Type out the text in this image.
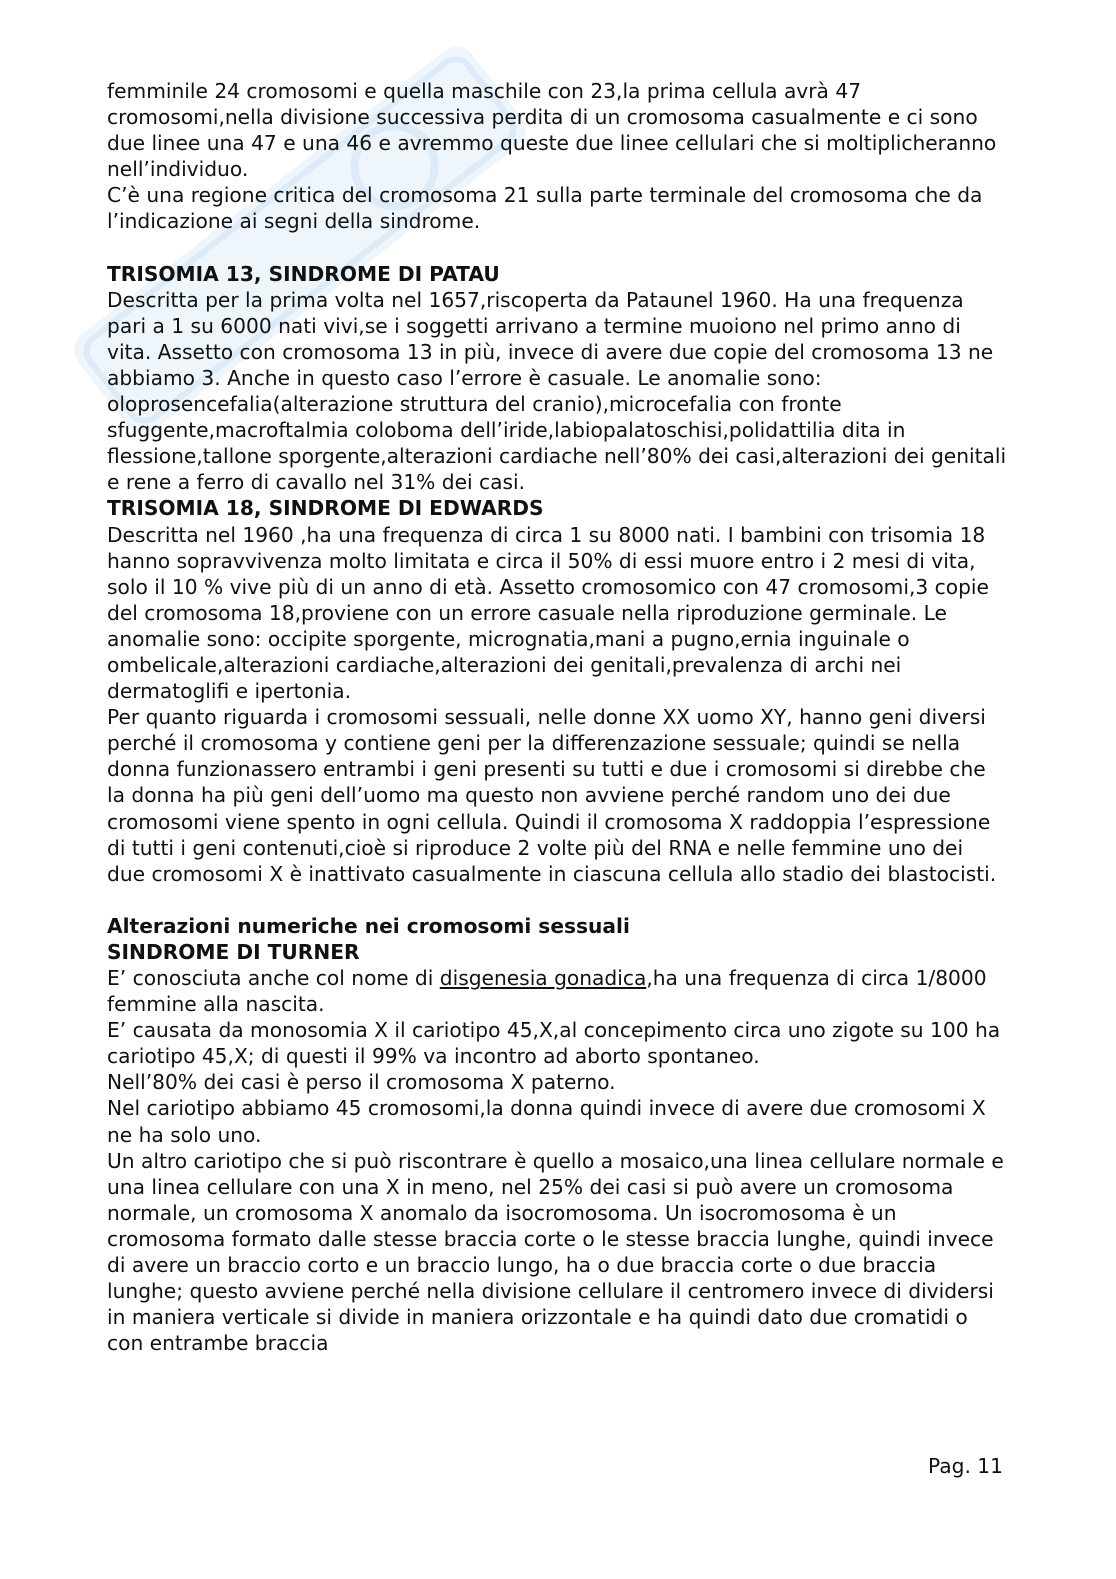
femminile 24 cromosomi e quella maschile con 23,la prima cellula avrà 47 cromosomi,nella divisione successiva perdita di un cromosoma casualmente e ci sono due linee una 47 e una 46 e avremmo queste due linee cellulari che si moltiplicheranno nell’individuo.

C’è una regione critica del cromosoma 21 sulla parte terminale del cromosoma che da l’indicazione ai segni della sindrome.

TRISOMIA 13, SINDROME DI PATAU

Descritta per la prima volta nel 1657,riscoperta da Pataunel 1960. Ha una frequenza pari a 1 su 6000 nati vivi,se i soggetti arrivano a termine muoiono nel primo anno di vita. Assetto con cromosoma 13 in più, invece di avere due copie del cromosoma 13 ne abbiamo 3. Anche in questo caso l’errore è casuale. Le anomalie sono: oloprosencefalia(alterazione struttura del cranio),microcefalia con fronte sfuggente,macroftalmia coloboma dell’iride,labiopalatoschisi,polidattilia dita in flessione,tallone sporgente,alterazioni cardiache nell’80% dei casi,alterazioni dei genitali e rene a ferro di cavallo nel 31% dei casi.

TRISOMIA 18, SINDROME DI EDWARDS

Descritta nel 1960 ,ha una frequenza di circa 1 su 8000 nati. I bambini con trisomia 18 hanno sopravvivenza molto limitata e circa il 50% di essi muore entro i 2 mesi di vita, solo il 10 % vive più di un anno di età. Assetto cromosomico con 47 cromosomi,3 copie del cromosoma 18,proviene con un errore casuale nella riproduzione germinale. Le anomalie sono: occipite sporgente, micrognatia,mani a pugno,ernia inguinale o ombelicale,alterazioni cardiache,alterazioni dei genitali,prevalenza di archi nei dermatoglifi e ipertonia.

Per quanto riguarda i cromosomi sessuali, nelle donne XX uomo XY, hanno geni diversi perché il cromosoma y contiene geni per la differenzazione sessuale; quindi se nella donna funzionassero entrambi i geni presenti su tutti e due i cromosomi si direbbe che la donna ha più geni dell’uomo ma questo non avviene perché random uno dei due cromosomi viene spento in ogni cellula. Quindi il cromosoma X raddoppia l’espressione di tutti i geni contenuti,cioè si riproduce 2 volte più del RNA e nelle femmine uno dei due cromosomi X è inattivato casualmente in ciascuna cellula allo stadio dei blastocisti.

Alterazioni numeriche nei cromosomi sessuali
SINDROME DI TURNER

E’ conosciuta anche col nome di disgenesia gonadica,ha una frequenza di circa 1/8000 femmine alla nascita.

E’ causata da monosomia X il cariotipo 45,X,al concepimento circa uno zigote su 100 ha cariotipo 45,X; di questi il 99% va incontro ad aborto spontaneo.

Nell’80% dei casi è perso il cromosoma X paterno.

Nel cariotipo abbiamo 45 cromosomi,la donna quindi invece di avere due cromosomi X ne ha solo uno.

Un altro cariotipo che si può riscontrare è quello a mosaico,una linea cellulare normale e una linea cellulare con una X in meno, nel 25% dei casi si può avere un cromosoma normale, un cromosoma X anomalo da isocromosoma. Un isocromosoma è un cromosoma formato dalle stesse braccia corte o le stesse braccia lunghe, quindi invece di avere un braccio corto e un braccio lungo, ha o due braccia corte o due braccia lunghe; questo avviene perché nella divisione cellulare il centromero invece di dividersi in maniera verticale si divide in maniera orizzontale e ha quindi dato due cromatidi o con entrambe braccia

Pag. 11
